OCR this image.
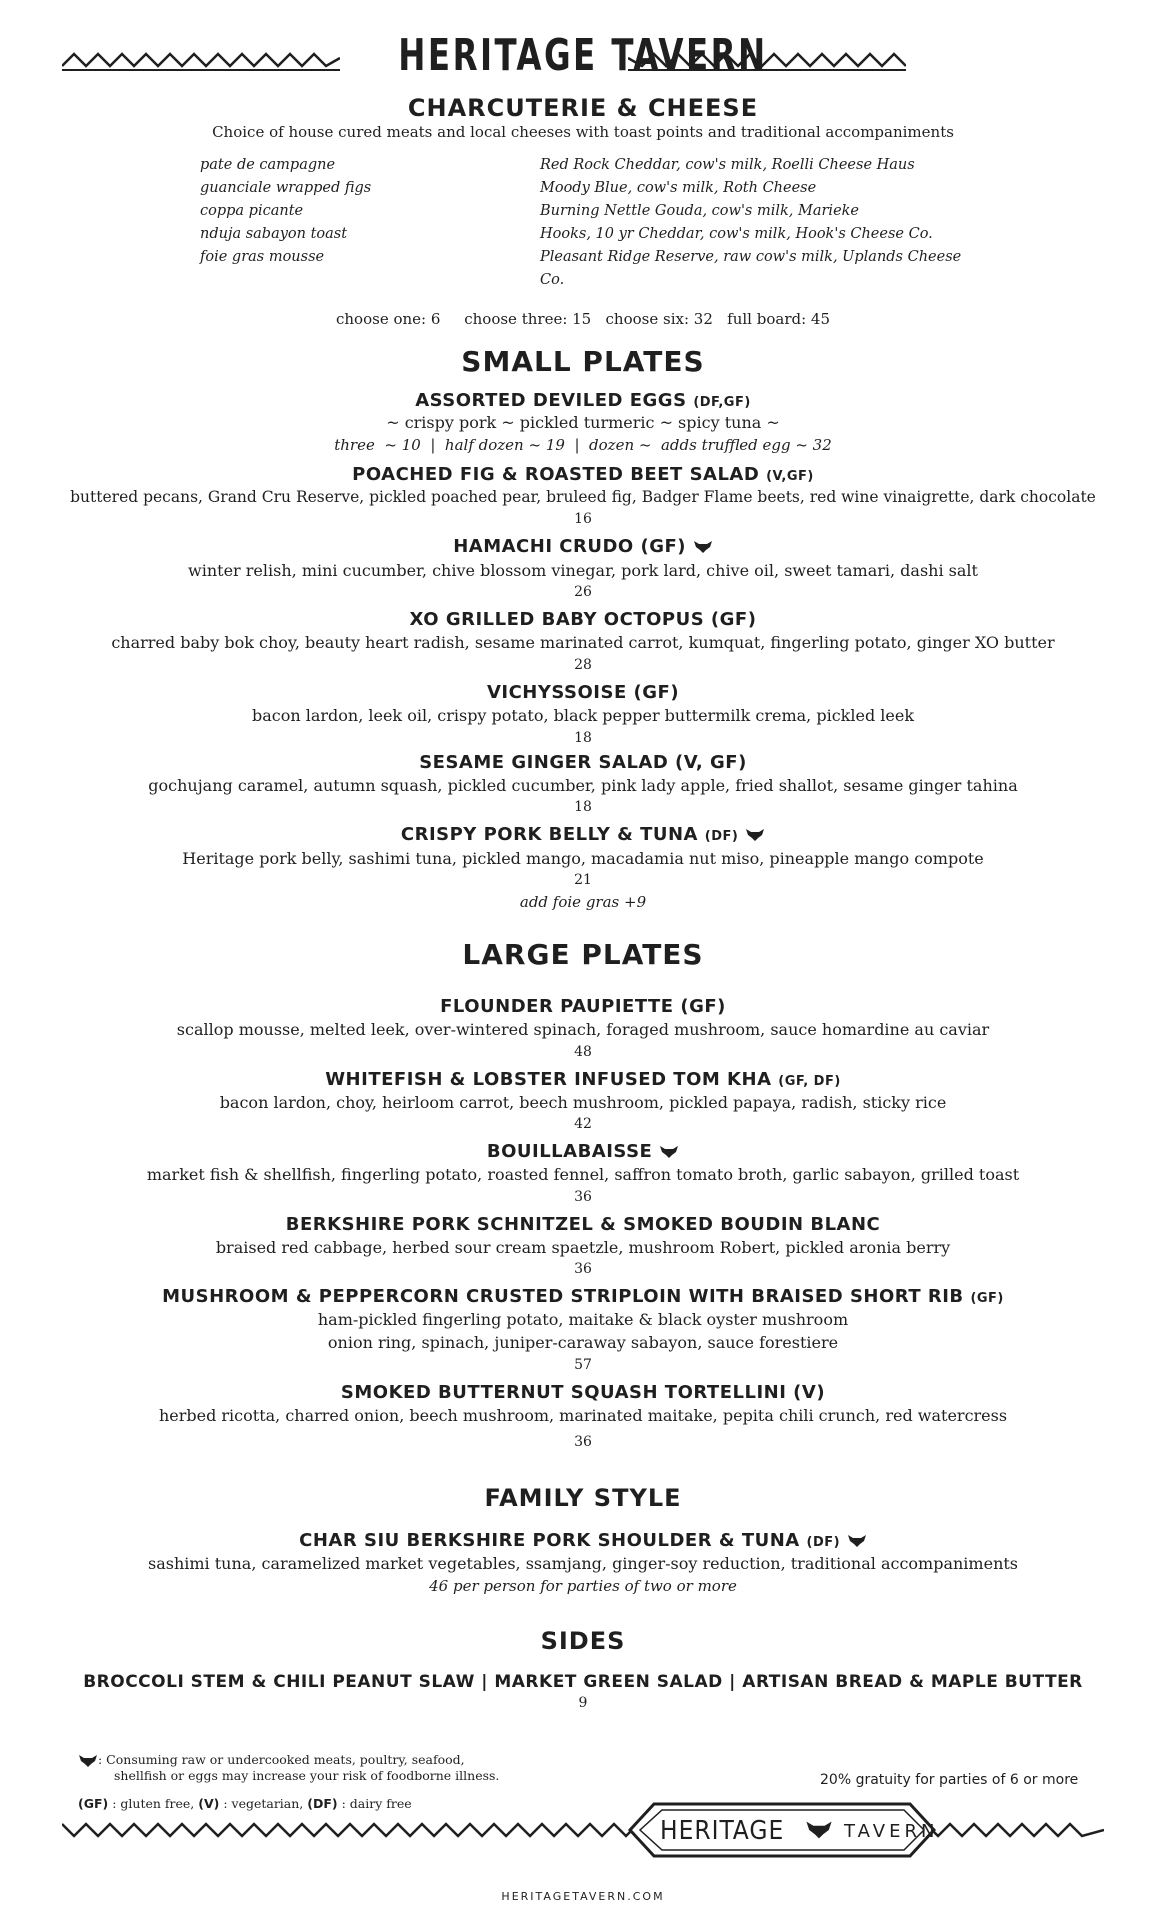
HERITAGE TAVERN
CHARCUTERIE & CHEESE
Choice of house cured meats and local cheeses with toast points and traditional accompaniments
pate de campagne
guanciale wrapped figs
coppa picante
nduja sabayon toast
foie gras mousse
Red Rock Cheddar, cow's milk, Roelli Cheese Haus
Moody Blue, cow's milk, Roth Cheese
Burning Nettle Gouda, cow's milk, Marieke
Hooks, 10 yr Cheddar, cow's milk, Hook's Cheese Co.
Pleasant Ridge Reserve, raw cow's milk, Uplands Cheese Co.
choose one: 6     choose three: 15   choose six: 32   full board: 45
SMALL PLATES
ASSORTED DEVILED EGGS (DF,GF)
~ crispy pork ~ pickled turmeric ~ spicy tuna ~
three  ~ 10  |  half dozen ~ 19  |  dozen ~  adds truffled egg ~ 32
POACHED FIG & ROASTED BEET SALAD (V,GF)
buttered pecans, Grand Cru Reserve, pickled poached pear, bruleed fig, Badger Flame beets, red wine vinaigrette, dark chocolate
16
HAMACHI CRUDO (GF)
winter relish, mini cucumber, chive blossom vinegar, pork lard, chive oil, sweet tamari, dashi salt
26
XO GRILLED BABY OCTOPUS (GF)
charred baby bok choy, beauty heart radish, sesame marinated carrot, kumquat, fingerling potato, ginger XO butter
28
VICHYSSOISE (GF)
bacon lardon, leek oil, crispy potato, black pepper buttermilk crema, pickled leek
18
SESAME GINGER SALAD (V, GF)
gochujang caramel, autumn squash, pickled cucumber, pink lady apple, fried shallot, sesame ginger tahina
18
CRISPY PORK BELLY & TUNA (DF)
Heritage pork belly, sashimi tuna, pickled mango, macadamia nut miso, pineapple mango compote
21
add foie gras +9
LARGE PLATES
FLOUNDER PAUPIETTE (GF)
scallop mousse, melted leek, over-wintered spinach, foraged mushroom, sauce homardine au caviar
48
WHITEFISH & LOBSTER INFUSED TOM KHA (GF, DF)
bacon lardon, choy, heirloom carrot, beech mushroom, pickled papaya, radish, sticky rice
42
BOUILLABAISSE
market fish & shellfish, fingerling potato, roasted fennel, saffron tomato broth, garlic sabayon, grilled toast
36
BERKSHIRE PORK SCHNITZEL & SMOKED BOUDIN BLANC
braised red cabbage, herbed sour cream spaetzle, mushroom Robert, pickled aronia berry
36
MUSHROOM & PEPPERCORN CRUSTED STRIPLOIN WITH BRAISED SHORT RIB (GF)
ham-pickled fingerling potato, maitake & black oyster mushroom
onion ring, spinach, juniper-caraway sabayon, sauce forestiere
57
SMOKED BUTTERNUT SQUASH TORTELLINI (V)
herbed ricotta, charred onion, beech mushroom, marinated maitake, pepita chili crunch, red watercress
36
FAMILY STYLE
CHAR SIU BERKSHIRE PORK SHOULDER & TUNA (DF)
sashimi tuna, caramelized market vegetables, ssamjang, ginger-soy reduction, traditional accompaniments
46 per person for parties of two or more
SIDES
BROCCOLI STEM & CHILI PEANUT SLAW | MARKET GREEN SALAD | ARTISAN BREAD & MAPLE BUTTER
9
: Consuming raw or undercooked meats, poultry, seafood,
shellfish or eggs may increase your risk of foodborne illness.
(GF) : gluten free, (V) : vegetarian, (DF) : dairy free
20% gratuity for parties of 6 or more
HERITAGE	TAVERN
HERITAGETAVERN.COM
